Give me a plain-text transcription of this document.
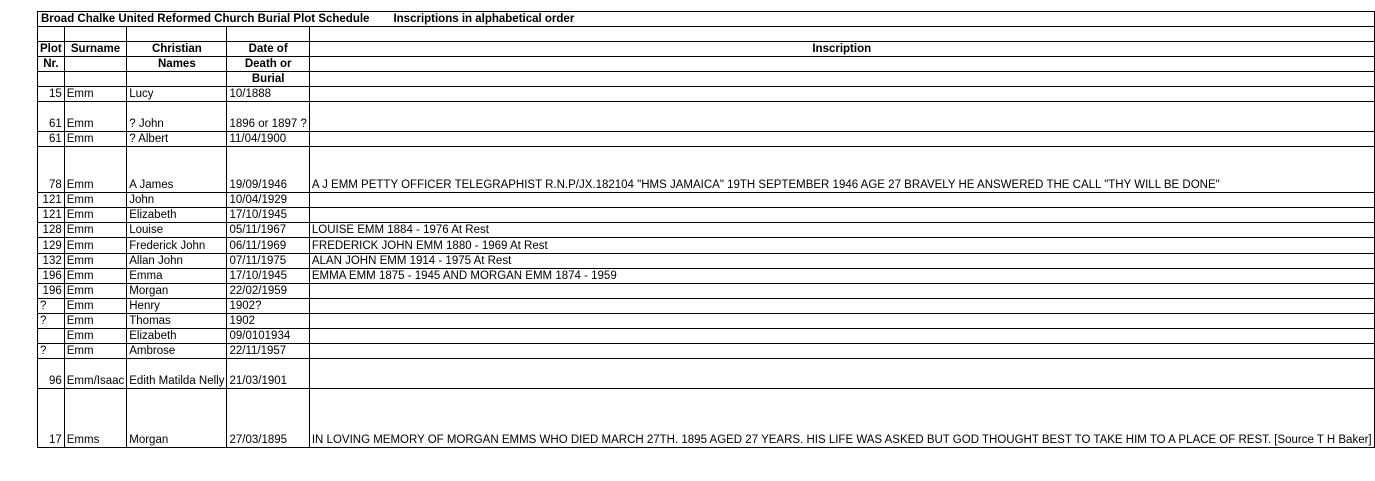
Broad Chalke United Reformed Church Burial Plot Schedule Inscriptions in alphabetical order				

Plot	Surname	Christian	Date of	Inscription
Nr.		Names	Death or	
			Burial	
15	Emm	Lucy	10/1888	
61	Emm	? John	1896 or 1897 ?	
61	Emm	? Albert	11/04/1900	
78	Emm	A James	19/09/1946	A J EMM PETTY OFFICER TELEGRAPHIST R.N.P/JX.182104 "HMS JAMAICA" 19TH SEPTEMBER 1946 AGE 27 BRAVELY HE ANSWERED THE CALL "THY WILL BE DONE"
121	Emm	John	10/04/1929	
121	Emm	Elizabeth	17/10/1945	
128	Emm	Louise	05/11/1967	LOUISE EMM 1884 - 1976 At Rest
129	Emm	Frederick John	06/11/1969	FREDERICK JOHN EMM 1880 - 1969 At Rest
132	Emm	Allan John	07/11/1975	ALAN JOHN EMM 1914 - 1975 At Rest
196	Emm	Emma	17/10/1945	EMMA EMM 1875 - 1945 AND MORGAN EMM 1874 - 1959
196	Emm	Morgan	22/02/1959	
?	Emm	Henry	1902?	
?	Emm	Thomas	1902	
	Emm	Elizabeth	09/0101934	
?	Emm	Ambrose	22/11/1957	
96	Emm/Isaac	Edith Matilda Nelly	21/03/1901	
17	Emms	Morgan	27/03/1895	IN LOVING MEMORY OF MORGAN EMMS WHO DIED MARCH 27TH. 1895 AGED 27 YEARS. HIS LIFE WAS ASKED BUT GOD THOUGHT BEST TO TAKE HIM TO A PLACE OF REST. [Source T H Baker]
